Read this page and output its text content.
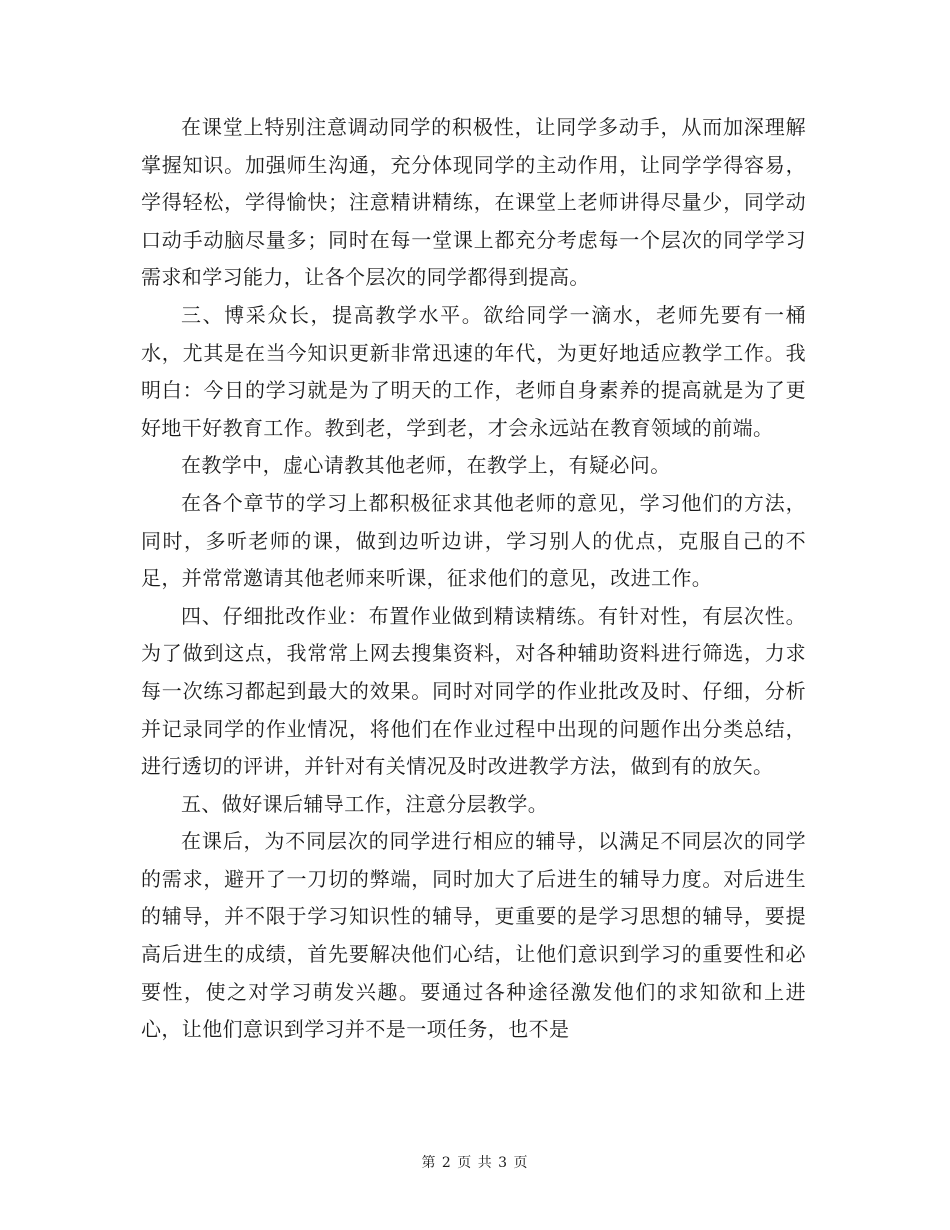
在课堂上特别注意调动同学的积极性，让同学多动手，从而加深理解掌握知识。加强师生沟通，充分体现同学的主动作用，让同学学得容易，学得轻松，学得愉快；注意精讲精练，在课堂上老师讲得尽量少，同学动口动手动脑尽量多；同时在每一堂课上都充分考虑每一个层次的同学学习需求和学习能力，让各个层次的同学都得到提高。

三、博采众长，提高教学水平。欲给同学一滴水，老师先要有一桶水，尤其是在当今知识更新非常迅速的年代，为更好地适应教学工作。我明白：今日的学习就是为了明天的工作，老师自身素养的提高就是为了更好地干好教育工作。教到老，学到老，才会永远站在教育领域的前端。

在教学中，虚心请教其他老师，在教学上，有疑必问。

在各个章节的学习上都积极征求其他老师的意见，学习他们的方法，同时，多听老师的课，做到边听边讲，学习别人的优点，克服自己的不足，并常常邀请其他老师来听课，征求他们的意见，改进工作。

四、仔细批改作业：布置作业做到精读精练。有针对性，有层次性。为了做到这点，我常常上网去搜集资料，对各种辅助资料进行筛选，力求每一次练习都起到最大的效果。同时对同学的作业批改及时、仔细，分析并记录同学的作业情况，将他们在作业过程中出现的问题作出分类总结，进行透切的评讲，并针对有关情况及时改进教学方法，做到有的放矢。

五、做好课后辅导工作，注意分层教学。

在课后，为不同层次的同学进行相应的辅导，以满足不同层次的同学的需求，避开了一刀切的弊端，同时加大了后进生的辅导力度。对后进生的辅导，并不限于学习知识性的辅导，更重要的是学习思想的辅导，要提高后进生的成绩，首先要解决他们心结，让他们意识到学习的重要性和必要性，使之对学习萌发兴趣。要通过各种途径激发他们的求知欲和上进心，让他们意识到学习并不是一项任务，也不是

第 2 页 共 3 页
